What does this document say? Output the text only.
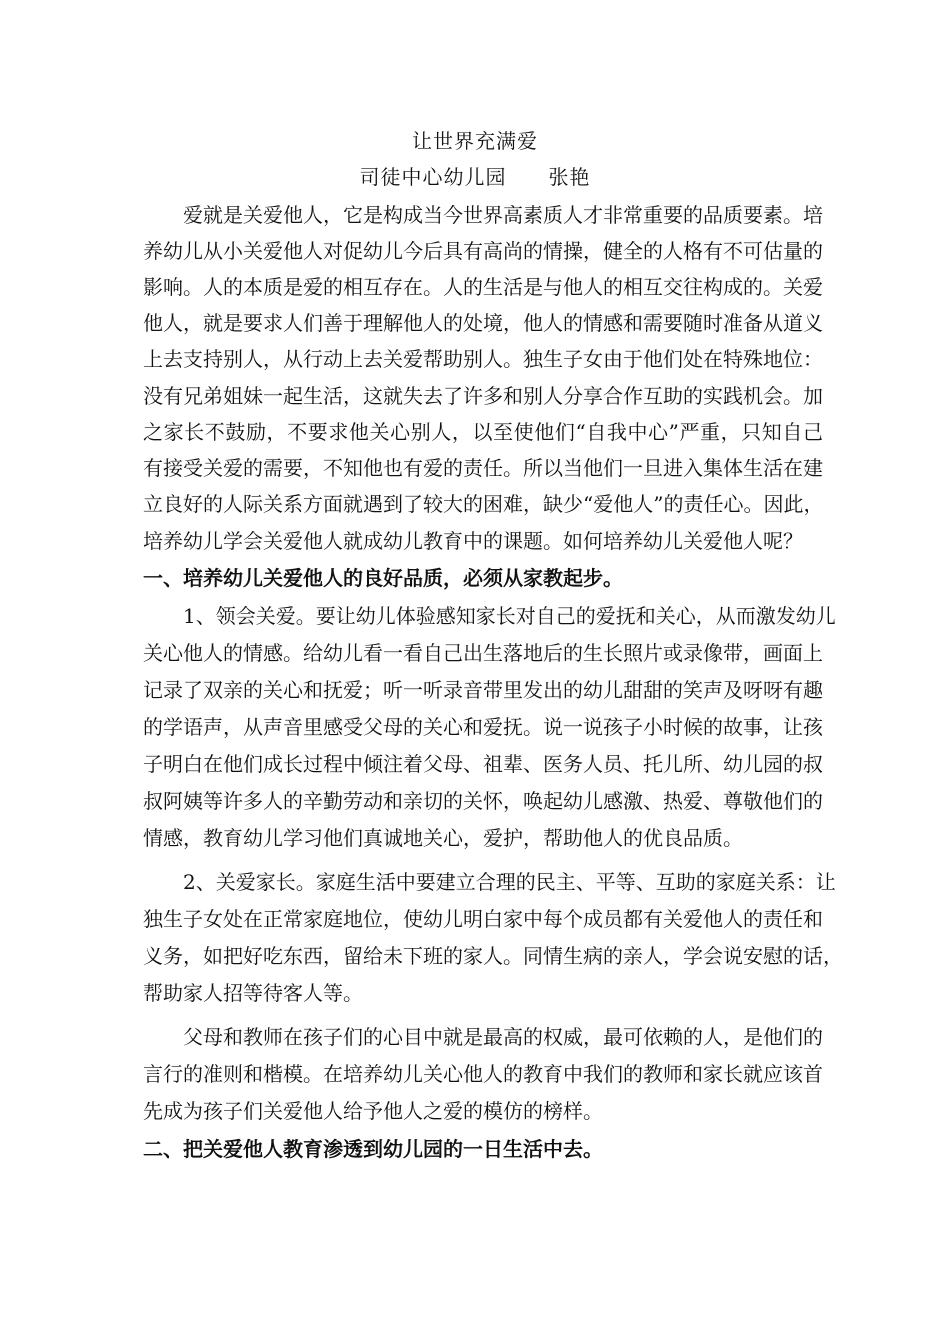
让世界充满爱
司徒中心幼儿园　　张艳
爱就是关爱他人，它是构成当今世界高素质人才非常重要的品质要素。培
养幼儿从小关爱他人对促幼儿今后具有高尚的情操，健全的人格有不可估量的
影响。人的本质是爱的相互存在。人的生活是与他人的相互交往构成的。关爱
他人，就是要求人们善于理解他人的处境，他人的情感和需要随时准备从道义
上去支持别人，从行动上去关爱帮助别人。独生子女由于他们处在特殊地位：
没有兄弟姐妹一起生活，这就失去了许多和别人分享合作互助的实践机会。加
之家长不鼓励，不要求他关心别人，以至使他们“自我中心”严重，只知自己
有接受关爱的需要，不知他也有爱的责任。所以当他们一旦进入集体生活在建
立良好的人际关系方面就遇到了较大的困难，缺少“爱他人”的责任心。因此，
培养幼儿学会关爱他人就成幼儿教育中的课题。如何培养幼儿关爱他人呢？
一、培养幼儿关爱他人的良好品质，必须从家教起步。
1、领会关爱。要让幼儿体验感知家长对自己的爱抚和关心，从而激发幼儿
关心他人的情感。给幼儿看一看自己出生落地后的生长照片或录像带，画面上
记录了双亲的关心和抚爱；听一听录音带里发出的幼儿甜甜的笑声及呀呀有趣
的学语声，从声音里感受父母的关心和爱抚。说一说孩子小时候的故事，让孩
子明白在他们成长过程中倾注着父母、祖辈、医务人员、托儿所、幼儿园的叔
叔阿姨等许多人的辛勤劳动和亲切的关怀，唤起幼儿感激、热爱、尊敬他们的
情感，教育幼儿学习他们真诚地关心，爱护，帮助他人的优良品质。
2、关爱家长。家庭生活中要建立合理的民主、平等、互助的家庭关系：让
独生子女处在正常家庭地位，使幼儿明白家中每个成员都有关爱他人的责任和
义务，如把好吃东西，留给未下班的家人。同情生病的亲人，学会说安慰的话，
帮助家人招等待客人等。
父母和教师在孩子们的心目中就是最高的权威，最可依赖的人，是他们的
言行的准则和楷模。在培养幼儿关心他人的教育中我们的教师和家长就应该首
先成为孩子们关爱他人给予他人之爱的模仿的榜样。
二、把关爱他人教育渗透到幼儿园的一日生活中去。
